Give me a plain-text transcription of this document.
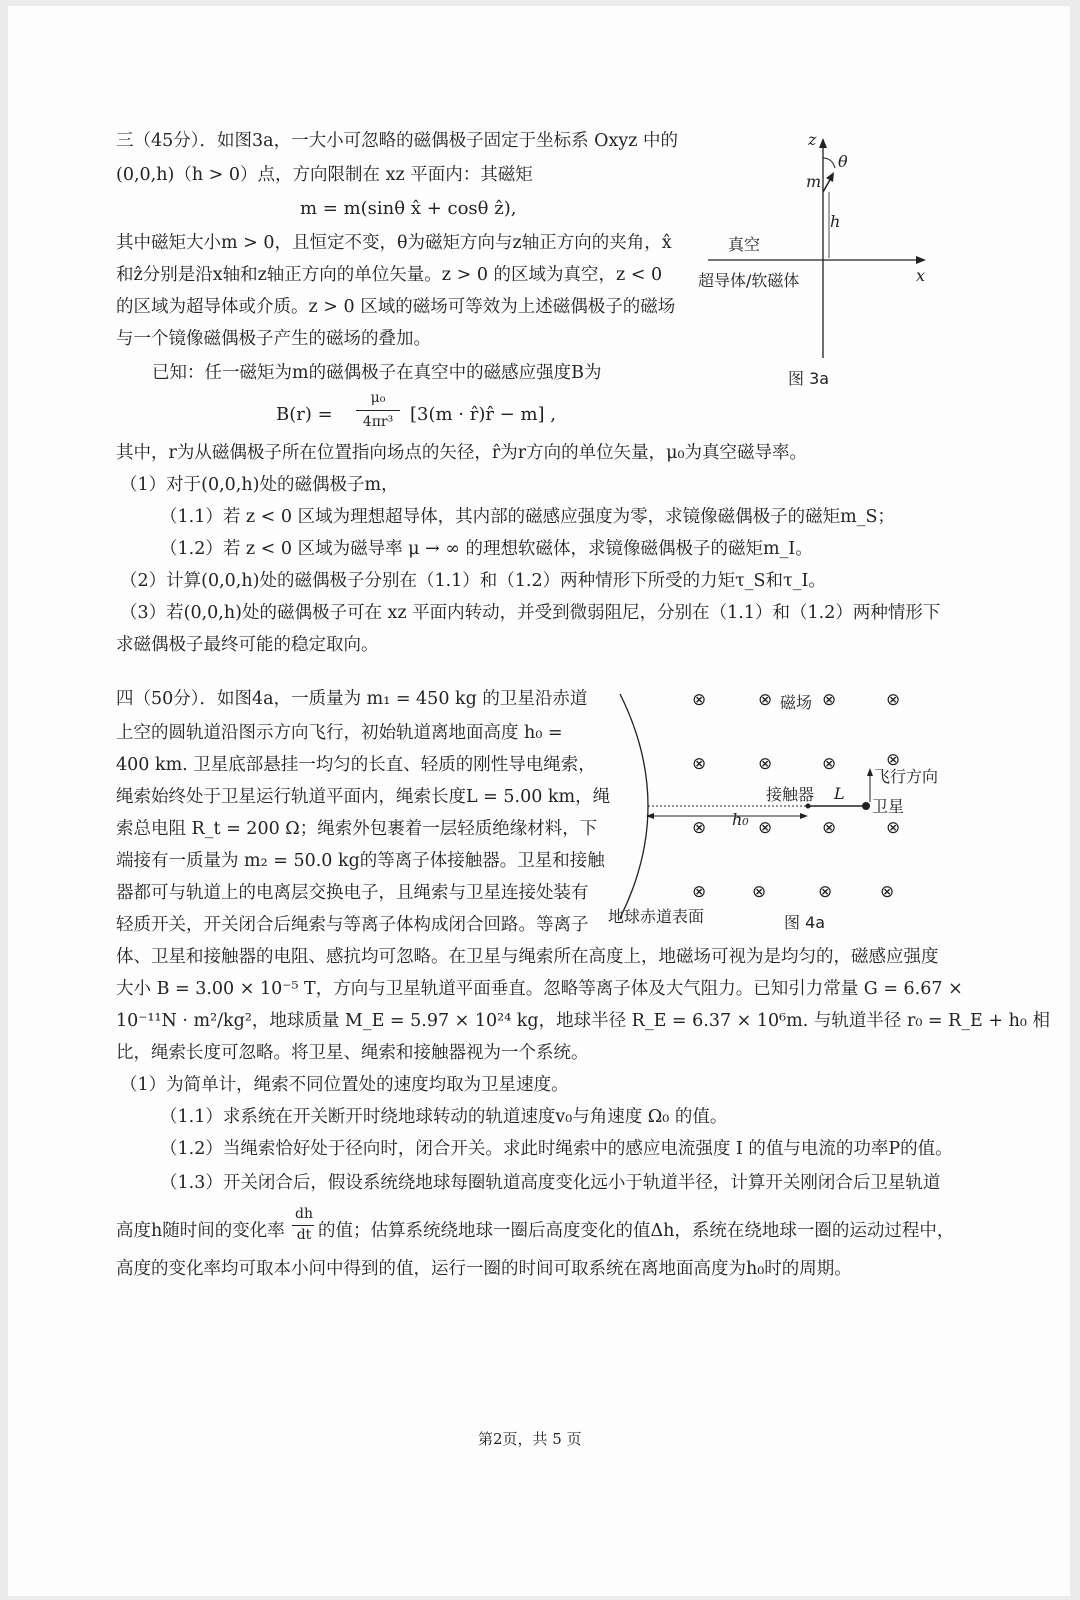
三（45分）．如图3a，一大小可忽略的磁偶极子固定于坐标系 Oxyz 中的
(0,0,h)（h > 0）点，方向限制在 xz 平面内：其磁矩
m = m(sinθ x̂ + cosθ ẑ),
其中磁矩大小m > 0，且恒定不变，θ为磁矩方向与z轴正方向的夹角，x̂
和ẑ分别是沿x轴和z轴正方向的单位矢量。z > 0 的区域为真空，z < 0
的区域为超导体或介质。z > 0 区域的磁场可等效为上述磁偶极子的磁场
与一个镜像磁偶极子产生的磁场的叠加。
已知：任一磁矩为m的磁偶极子在真空中的磁感应强度B为
B(r) =
μ₀
4πr³ [3(m · r̂)r̂ − m] ,
其中，r为从磁偶极子所在位置指向场点的矢径，r̂为r方向的单位矢量，μ₀为真空磁导率。
（1）对于(0,0,h)处的磁偶极子m，
（1.1）若 z < 0 区域为理想超导体，其内部的磁感应强度为零，求镜像磁偶极子的磁矩m_S；
（1.2）若 z < 0 区域为磁导率 μ → ∞ 的理想软磁体，求镜像磁偶极子的磁矩m_I。
（2）计算(0,0,h)处的磁偶极子分别在（1.1）和（1.2）两种情形下所受的力矩τ_S和τ_I。
（3）若(0,0,h)处的磁偶极子可在 xz 平面内转动，并受到微弱阻尼，分别在（1.1）和（1.2）两种情形下
求磁偶极子最终可能的稳定取向。
z
θ
m
h
真空
超导体/软磁体	x
图 3a
四（50分）．如图4a，一质量为 m₁ = 450 kg 的卫星沿赤道
上空的圆轨道沿图示方向飞行，初始轨道离地面高度 h₀ =
400 km. 卫星底部悬挂一均匀的长直、轻质的刚性导电绳索，
绳索始终处于卫星运行轨道平面内，绳索长度L = 5.00 km，绳
索总电阻 R_t = 200 Ω；绳索外包裹着一层轻质绝缘材料，下
端接有一质量为 m₂ = 50.0 kg的等离子体接触器。卫星和接触
器都可与轨道上的电离层交换电子，且绳索与卫星连接处装有
轻质开关，开关闭合后绳索与等离子体构成闭合回路。等离子
⊗	⊗ 磁场 ⊗	⊗
⊗	⊗	⊗	⊗
飞行方向
接触器 L
卫星
h₀
⊗	⊗	⊗	⊗
⊗	⊗	⊗	⊗
地球赤道表面	图 4a
体、卫星和接触器的电阻、感抗均可忽略。在卫星与绳索所在高度上，地磁场可视为是均匀的，磁感应强度
大小 B = 3.00 × 10⁻⁵ T，方向与卫星轨道平面垂直。忽略等离子体及大气阻力。已知引力常量 G = 6.67 ×
10⁻¹¹N · m²/kg²，地球质量 M_E = 5.97 × 10²⁴ kg，地球半径 R_E = 6.37 × 10⁶m. 与轨道半径 r₀ = R_E + h₀ 相
比，绳索长度可忽略。将卫星、绳索和接触器视为一个系统。
（1）为简单计，绳索不同位置处的速度均取为卫星速度。
（1.1）求系统在开关断开时绕地球转动的轨道速度v₀与角速度 Ω₀ 的值。
（1.2）当绳索恰好处于径向时，闭合开关。求此时绳索中的感应电流强度 I 的值与电流的功率P的值。
（1.3）开关闭合后，假设系统绕地球每圈轨道高度变化远小于轨道半径，计算开关刚闭合后卫星轨道
高度h随时间的变化率
dh
dt 的值；估算系统绕地球一圈后高度变化的值Δh，系统在绕地球一圈的运动过程中，
高度的变化率均可取本小问中得到的值，运行一圈的时间可取系统在离地面高度为h₀时的周期。
第2页，共 5 页
